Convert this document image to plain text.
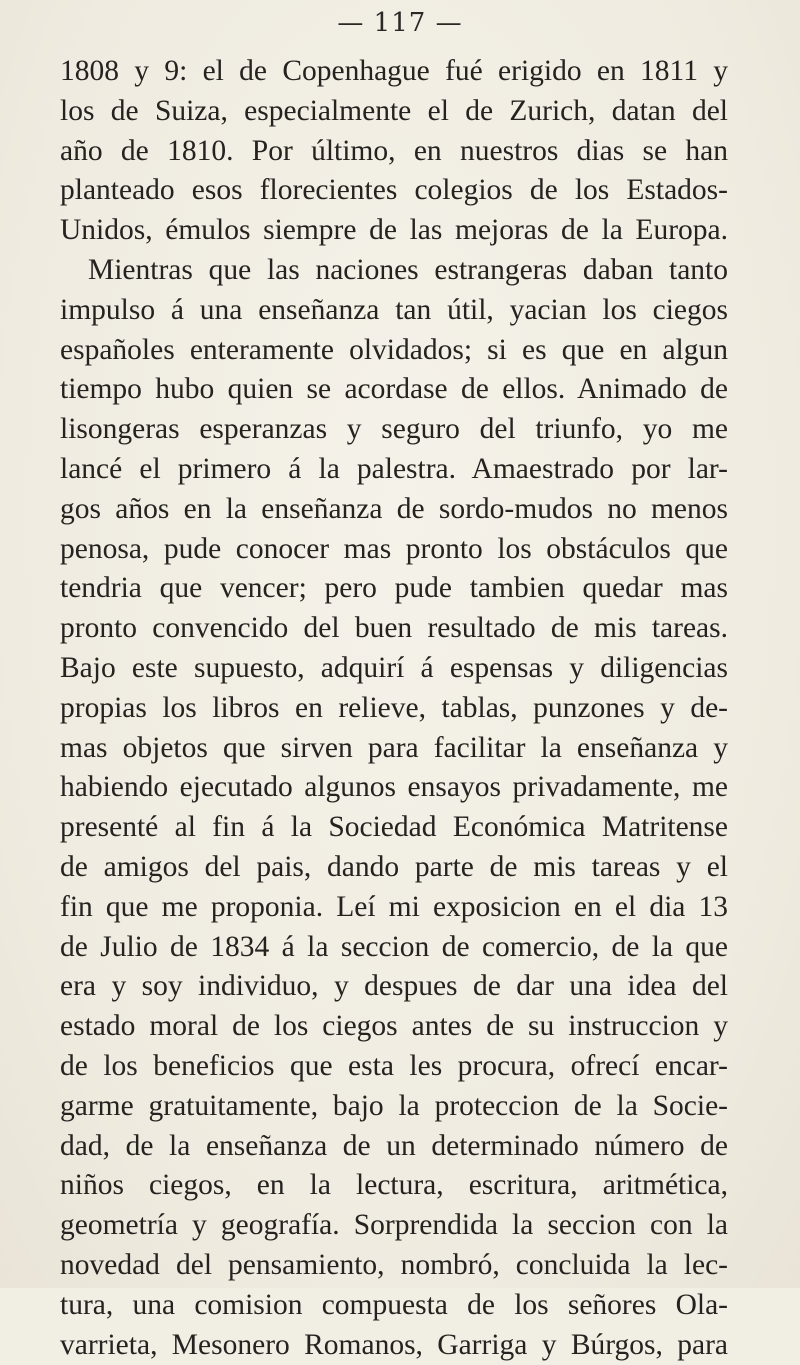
— 117 —
1808 y 9: el de Copenhague fué erigido en 1811 y
los de Suiza, especialmente el de Zurich, datan del
año de 1810. Por último, en nuestros dias se han
planteado esos florecientes colegios de los Estados-
Unidos, émulos siempre de las mejoras de la Europa.
Mientras que las naciones estrangeras daban tanto
impulso á una enseñanza tan útil, yacian los ciegos
españoles enteramente olvidados; si es que en algun
tiempo hubo quien se acordase de ellos. Animado de
lisongeras esperanzas y seguro del triunfo, yo me
lancé el primero á la palestra. Amaestrado por lar-
gos años en la enseñanza de sordo-mudos no menos
penosa, pude conocer mas pronto los obstáculos que
tendria que vencer; pero pude tambien quedar mas
pronto convencido del buen resultado de mis tareas.
Bajo este supuesto, adquirí á espensas y diligencias
propias los libros en relieve, tablas, punzones y de-
mas objetos que sirven para facilitar la enseñanza y
habiendo ejecutado algunos ensayos privadamente, me
presenté al fin á la Sociedad Económica Matritense
de amigos del pais, dando parte de mis tareas y el
fin que me proponia. Leí mi exposicion en el dia 13
de Julio de 1834 á la seccion de comercio, de la que
era y soy individuo, y despues de dar una idea del
estado moral de los ciegos antes de su instruccion y
de los beneficios que esta les procura, ofrecí encar-
garme gratuitamente, bajo la proteccion de la Socie-
dad, de la enseñanza de un determinado número de
niños ciegos, en la lectura, escritura, aritmética,
geometría y geografía. Sorprendida la seccion con la
novedad del pensamiento, nombró, concluida la lec-
tura, una comision compuesta de los señores Ola-
varrieta, Mesonero Romanos, Garriga y Búrgos, para
